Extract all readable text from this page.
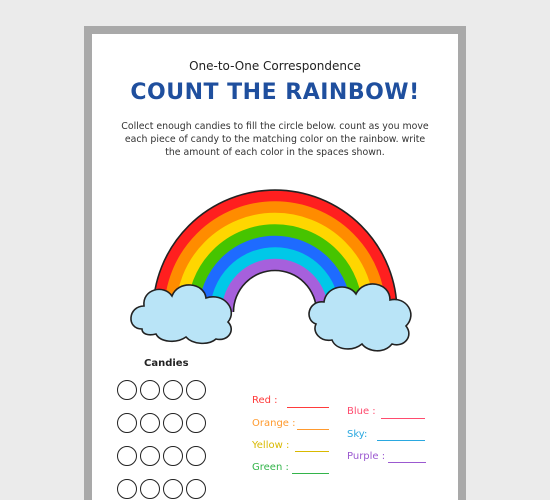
One-to-One Correspondence
COUNT THE RAINBOW!
Collect enough candies to fill the circle below. count as you move each piece of candy to the matching color on the rainbow. write the amount of each color in the spaces shown.
Candies
Red :
Orange :
Yellow :
Green :
Blue :
Sky:
Purple :
